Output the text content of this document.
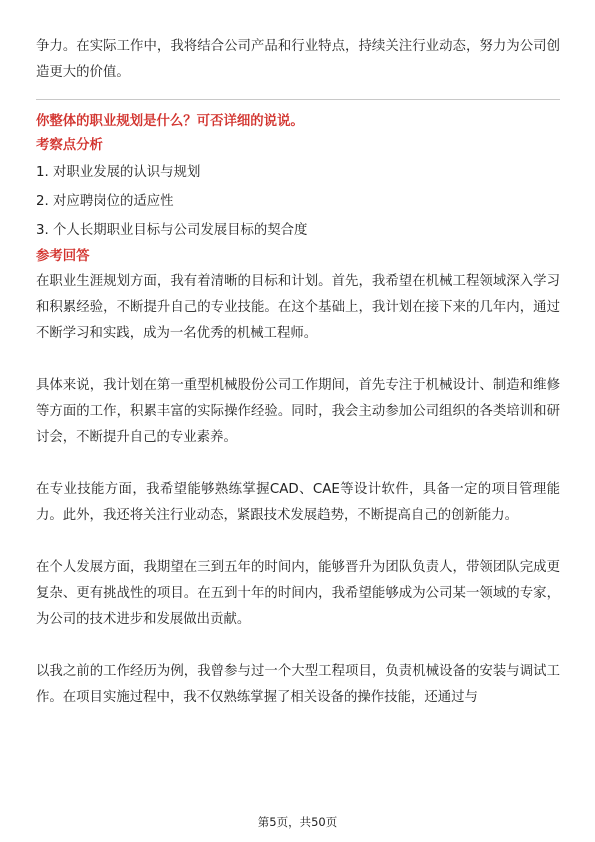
争力。在实际工作中，我将结合公司产品和行业特点，持续关注行业动态，努力为公司创造更大的价值。

你整体的职业规划是什么？可否详细的说说。

考察点分析

1. 对职业发展的认识与规划

2. 对应聘岗位的适应性

3. 个人长期职业目标与公司发展目标的契合度

参考回答

在职业生涯规划方面，我有着清晰的目标和计划。首先，我希望在机械工程领域深入学习和积累经验，不断提升自己的专业技能。在这个基础上，我计划在接下来的几年内，通过不断学习和实践，成为一名优秀的机械工程师。

具体来说，我计划在第一重型机械股份公司工作期间，首先专注于机械设计、制造和维修等方面的工作，积累丰富的实际操作经验。同时，我会主动参加公司组织的各类培训和研讨会，不断提升自己的专业素养。

在专业技能方面，我希望能够熟练掌握CAD、CAE等设计软件，具备一定的项目管理能力。此外，我还将关注行业动态，紧跟技术发展趋势，不断提高自己的创新能力。

在个人发展方面，我期望在三到五年的时间内，能够晋升为团队负责人，带领团队完成更复杂、更有挑战性的项目。在五到十年的时间内，我希望能够成为公司某一领域的专家，为公司的技术进步和发展做出贡献。

以我之前的工作经历为例，我曾参与过一个大型工程项目，负责机械设备的安装与调试工作。在项目实施过程中，我不仅熟练掌握了相关设备的操作技能，还通过与

第5页，共50页
